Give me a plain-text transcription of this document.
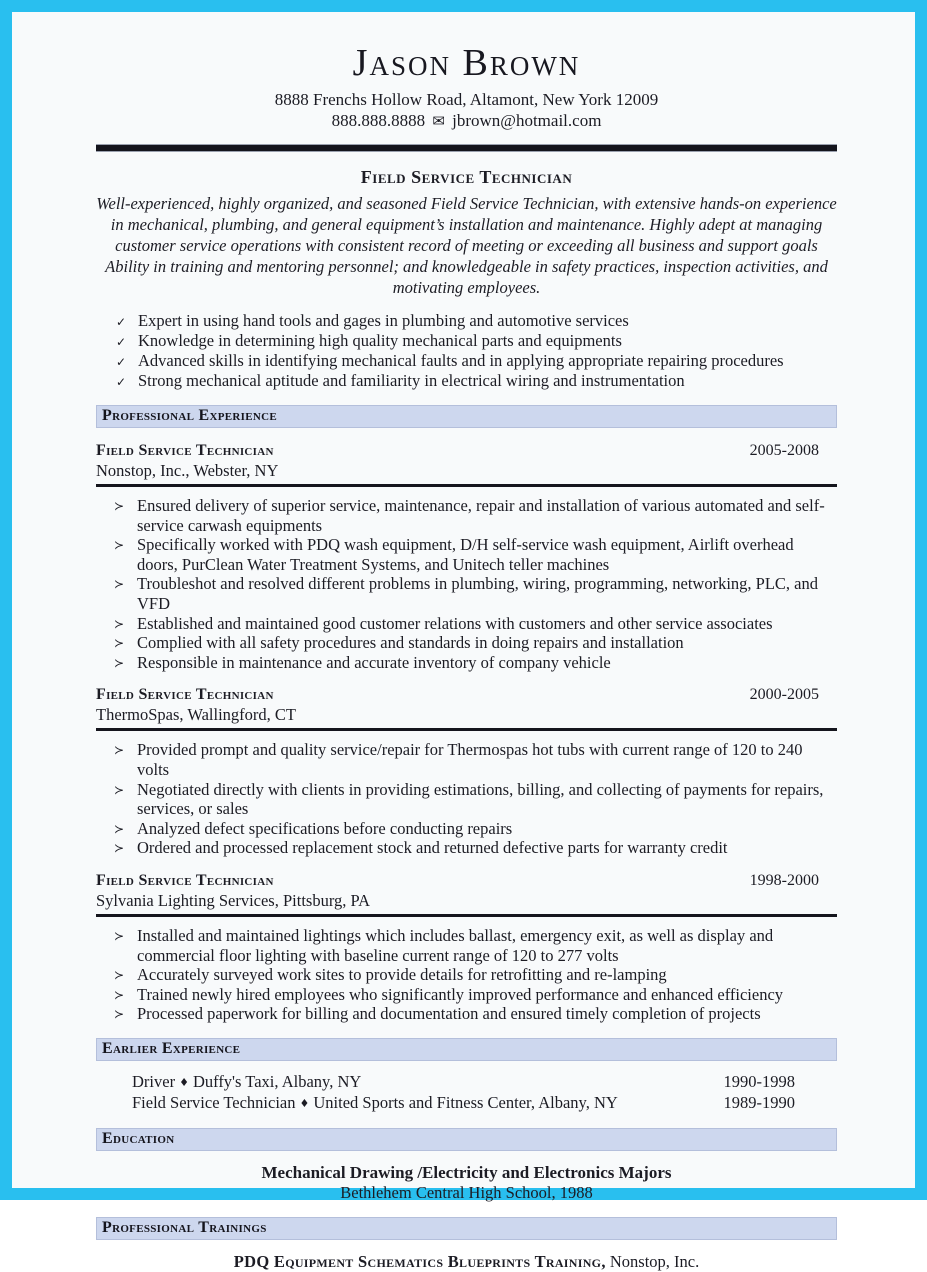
Jason Brown
8888 Frenchs Hollow Road, Altamont, New York 12009
888.888.8888 ✉ jbrown@hotmail.com
Field Service Technician
Well-experienced, highly organized, and seasoned Field Service Technician, with extensive hands-on experience in mechanical, plumbing, and general equipment’s installation and maintenance. Highly adept at managing customer service operations with consistent record of meeting or exceeding all business and support goals Ability in training and mentoring personnel; and knowledgeable in safety practices, inspection activities, and motivating employees.
✓ Expert in using hand tools and gages in plumbing and automotive services
✓ Knowledge in determining high quality mechanical parts and equipments
✓ Advanced skills in identifying mechanical faults and in applying appropriate repairing procedures
✓ Strong mechanical aptitude and familiarity in electrical wiring and instrumentation
Professional Experience
Field Service Technician	2005-2008
Nonstop, Inc., Webster, NY
≻ Ensured delivery of superior service, maintenance, repair and installation of various automated and self-service carwash equipments
≻ Specifically worked with PDQ wash equipment, D/H self-service wash equipment, Airlift overhead doors, PurClean Water Treatment Systems, and Unitech teller machines
≻ Troubleshot and resolved different problems in plumbing, wiring, programming, networking, PLC, and VFD
≻ Established and maintained good customer relations with customers and other service associates
≻ Complied with all safety procedures and standards in doing repairs and installation
≻ Responsible in maintenance and accurate inventory of company vehicle
Field Service Technician	2000-2005
ThermoSpas, Wallingford, CT
≻ Provided prompt and quality service/repair for Thermospas hot tubs with current range of 120 to 240 volts
≻ Negotiated directly with clients in providing estimations, billing, and collecting of payments for repairs, services, or sales
≻ Analyzed defect specifications before conducting repairs
≻ Ordered and processed replacement stock and returned defective parts for warranty credit
Field Service Technician	1998-2000
Sylvania Lighting Services, Pittsburg, PA
≻ Installed and maintained lightings which includes ballast, emergency exit, as well as display and commercial floor lighting with baseline current range of 120 to 277 volts
≻ Accurately surveyed work sites to provide details for retrofitting and re-lamping
≻ Trained newly hired employees who significantly improved performance and enhanced efficiency
≻ Processed paperwork for billing and documentation and ensured timely completion of projects
Earlier Experience
Driver ♦ Duffy's Taxi, Albany, NY	1990-1998
Field Service Technician ♦ United Sports and Fitness Center, Albany, NY	1989-1990
Education
Mechanical Drawing /Electricity and Electronics Majors
Bethlehem Central High School, 1988
Professional Trainings
PDQ Equipment Schematics Blueprints Training, Nonstop, Inc.
